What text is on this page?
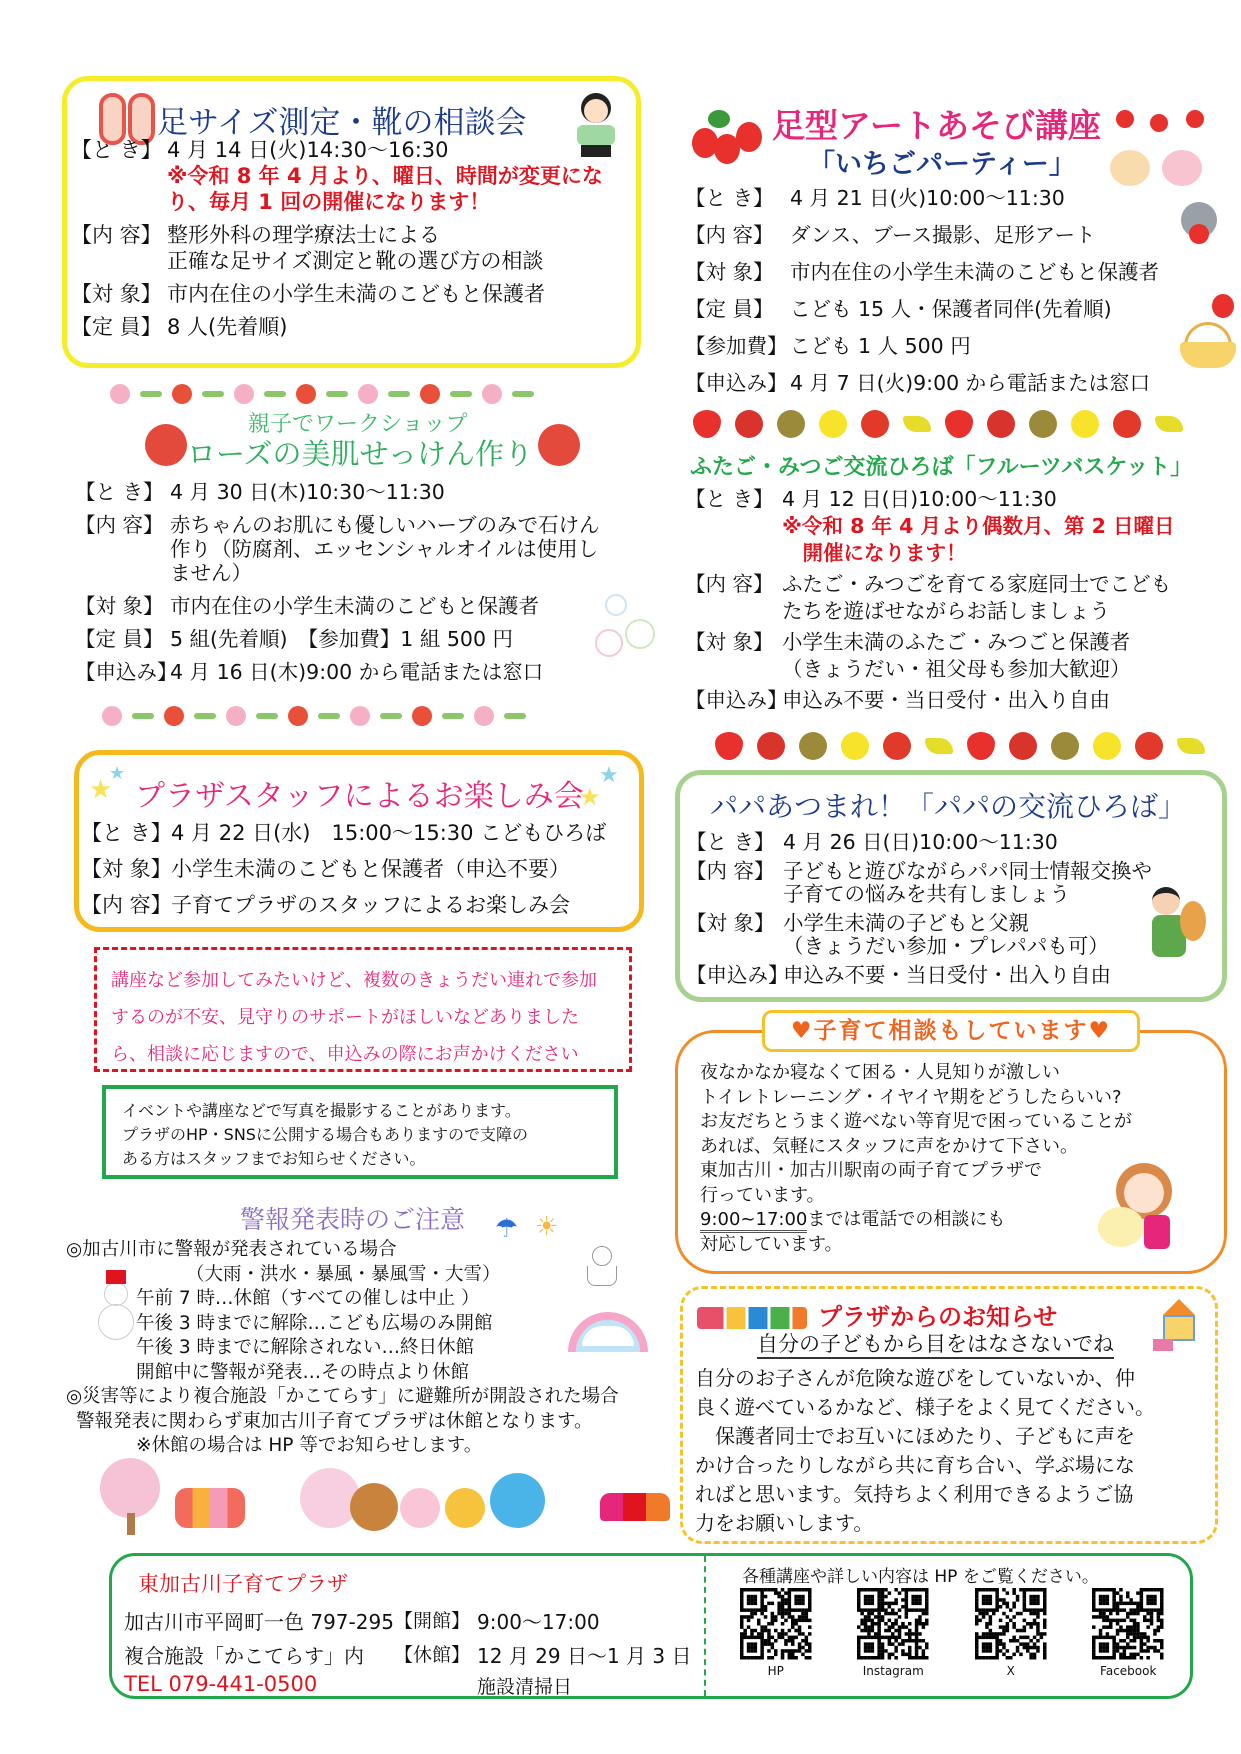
足サイズ測定・靴の相談会
【と き】 4 月 14 日(火)14:30〜16:30
※令和 8 年 4 月より、曜日、時間が変更にな
り、毎月 1 回の開催になります！
【内 容】 整形外科の理学療法士による
正確な足サイズ測定と靴の選び方の相談
【対 象】 市内在住の小学生未満のこどもと保護者
【定 員】 8 人(先着順)
親子でワークショップ
ローズの美肌せっけん作り
【と き】 4 月 30 日(木)10:30〜11:30
【内 容】 赤ちゃんのお肌にも優しいハーブのみで石けん
作り（防腐剤、エッセンシャルオイルは使用し
ません）
【対 象】 市内在住の小学生未満のこどもと保護者
【定 員】 5 組(先着順)　【参加費】1 組 500 円
【申込み】
4 月 16 日(木)9:00 から電話または窓口
★
★	★
★
プラザスタッフによるお楽しみ会
【と き】 4 月 22 日(水)　15:00〜15:30 こどもひろば
【対 象】 小学生未満のこどもと保護者（申込不要）
【内 容】 子育てプラザのスタッフによるお楽しみ会
講座など参加してみたいけど、複数のきょうだい連れで参加
するのが不安、見守りのサポートがほしいなどありました
ら、相談に応じますので、申込みの際にお声かけください
イベントや講座などで写真を撮影することがあります。
プラザのHP・SNSに公開する場合もありますので支障の
ある方はスタッフまでお知らせください。
警報発表時のご注意
◎加古川市に警報が発表されている場合
（大雨・洪水・暴風・暴風雪・大雪）
午前 7 時…休館（すべての催しは中止 ）
午後 3 時までに解除…こども広場のみ開館
午後 3 時までに解除されない…終日休館
開館中に警報が発表…その時点より休館
◎災害等により複合施設「かこてらす」に避難所が開設された場合
警報発表に関わらず東加古川子育てプラザは休館となります。
※休館の場合は HP 等でお知らせします。
☂ ☀
足型アートあそび講座
「いちごパーティー」
【と き】 4 月 21 日(火)10:00〜11:30
【内 容】 ダンス、ブース撮影、足形アート
【対 象】 市内在住の小学生未満のこどもと保護者
【定 員】 こども 15 人・保護者同伴(先着順)
【参加費】 こども 1 人 500 円
【申込み】 4 月 7 日(火)9:00 から電話または窓口
ふたご・みつご交流ひろば「フルーツバスケット」
【と き】 4 月 12 日(日)10:00〜11:30
※令和 8 年 4 月より偶数月、第 2 日曜日
　開催になります！
【内 容】 ふたご・みつごを育てる家庭同士でこども
たちを遊ばせながらお話しましょう
【対 象】 小学生未満のふたご・みつごと保護者
（きょうだい・祖父母も参加大歓迎）
【申込み】
申込み不要・当日受付・出入り自由
パパあつまれ！「パパの交流ひろば」
【と き】 4 月 26 日(日)10:00〜11:30
【内 容】 子どもと遊びながらパパ同士情報交換や
子育ての悩みを共有しましょう
【対 象】 小学生未満の子どもと父親
（きょうだい参加・プレパパも可）
【申込み】
申込み不要・当日受付・出入り自由
夜なかなか寝なくて困る・人見知りが激しい
トイレトレーニング・イヤイヤ期をどうしたらいい?
お友だちとうまく遊べない等育児で困っていることが
あれば、気軽にスタッフに声をかけて下さい。
東加古川・加古川駅南の両子育てプラザで
行っています。
9:00~17:00までは電話での相談にも
対応しています。
♥子育て相談もしています♥
プラザからのお知らせ
自分の子どもから目をはなさないでね
自分のお子さんが危険な遊びをしていないか、仲
良く遊べているかなど、様子をよく見てください。
　保護者同士でお互いにほめたり、子どもに声を
かけ合ったりしながら共に育ち合い、学ぶ場にな
ればと思います。気持ちよく利用できるようご協
力をお願いします。
東加古川子育てプラザ
加古川市平岡町一色 797-295
複合施設「かこてらす」内
TEL 079-441-0500
【開館】 9:00〜17:00
【休館】 12 月 29 日〜1 月 3 日
施設清掃日
各種講座や詳しい内容は HP をご覧ください。
HP	Instagram	X	Facebook
